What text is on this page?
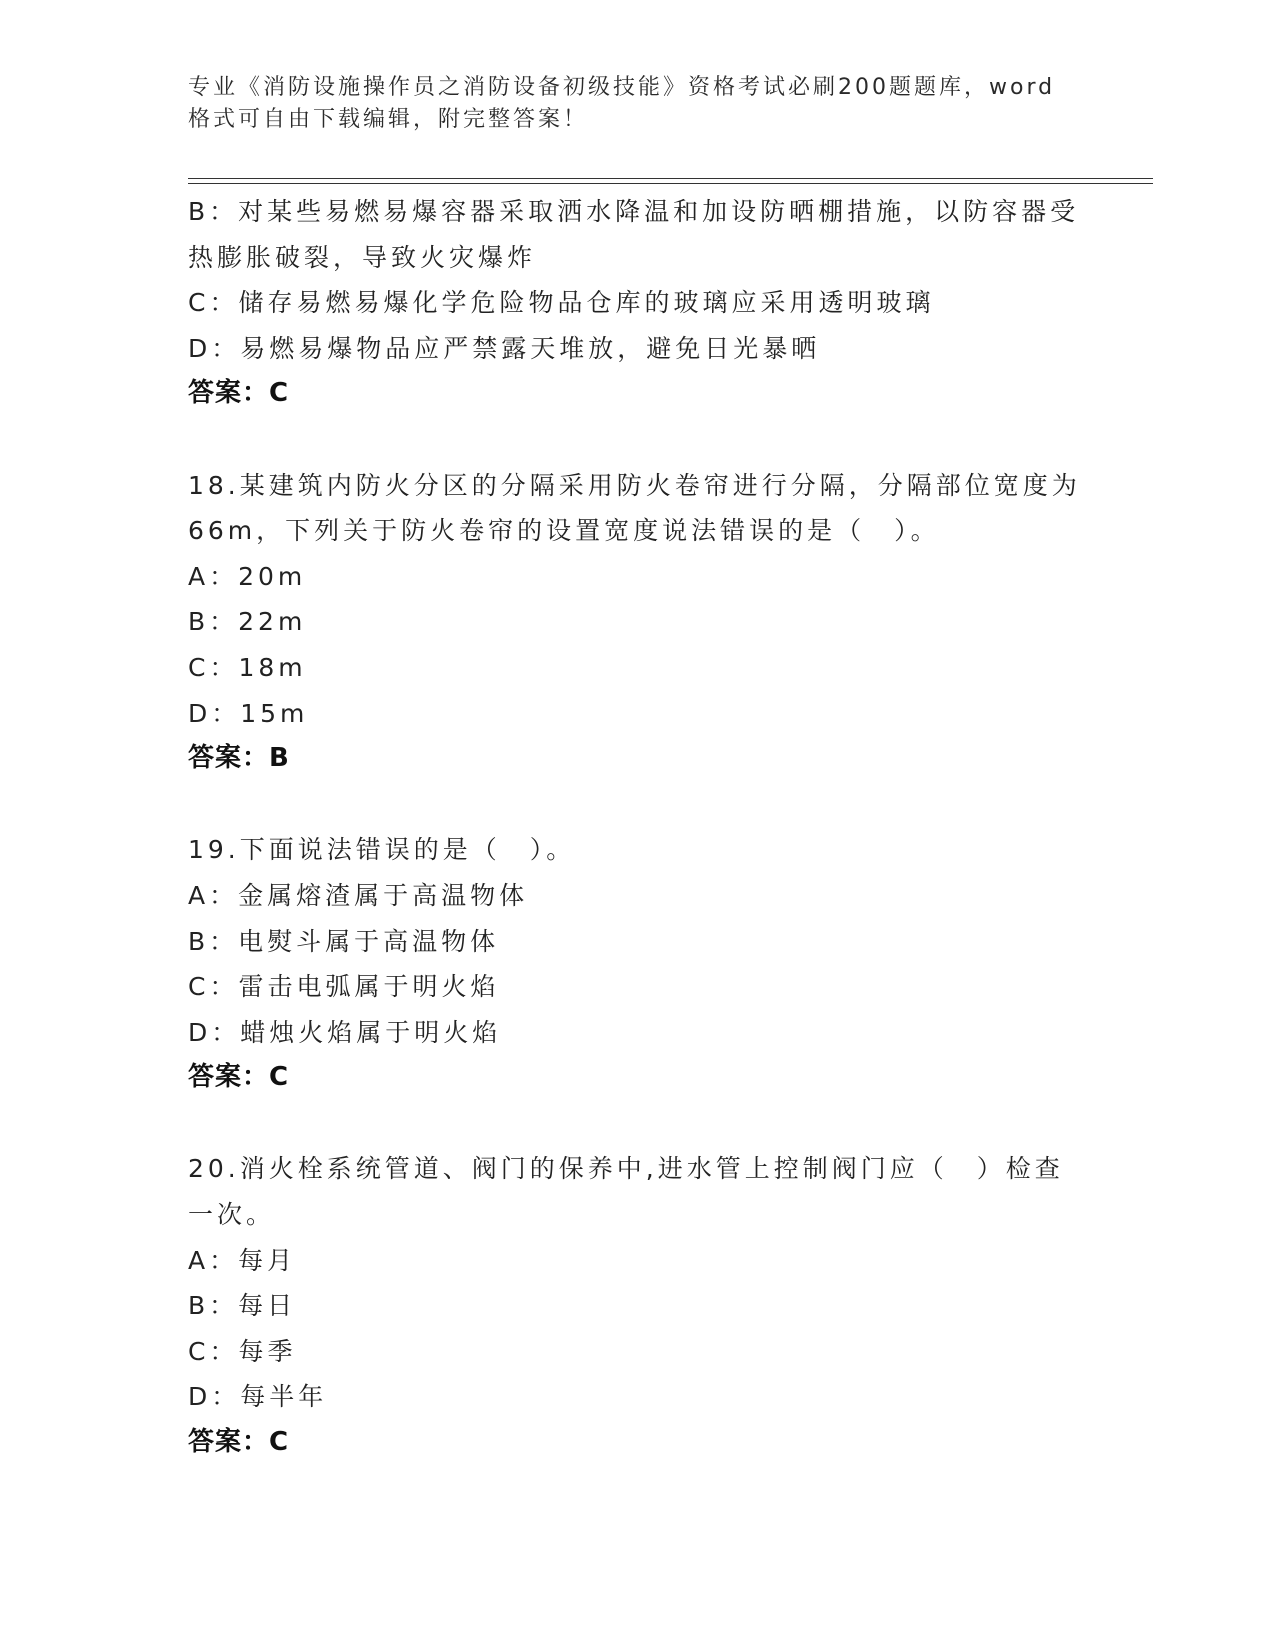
专业《消防设施操作员之消防设备初级技能》资格考试必刷200题题库，word格式可自由下载编辑，附完整答案！
B：对某些易燃易爆容器采取洒水降温和加设防晒棚措施，以防容器受
热膨胀破裂，导致火灾爆炸
C：储存易燃易爆化学危险物品仓库的玻璃应采用透明玻璃
D：易燃易爆物品应严禁露天堆放，避免日光暴晒
答案：C
18.某建筑内防火分区的分隔采用防火卷帘进行分隔，分隔部位宽度为
66m，下列关于防火卷帘的设置宽度说法错误的是（　）。
A：20m
B：22m
C：18m
D：15m
答案：B
19.下面说法错误的是（　）。
A：金属熔渣属于高温物体
B：电熨斗属于高温物体
C：雷击电弧属于明火焰
D：蜡烛火焰属于明火焰
答案：C
20.消火栓系统管道、阀门的保养中,进水管上控制阀门应（　）检查
一次。
A：每月
B：每日
C：每季
D：每半年
答案：C
